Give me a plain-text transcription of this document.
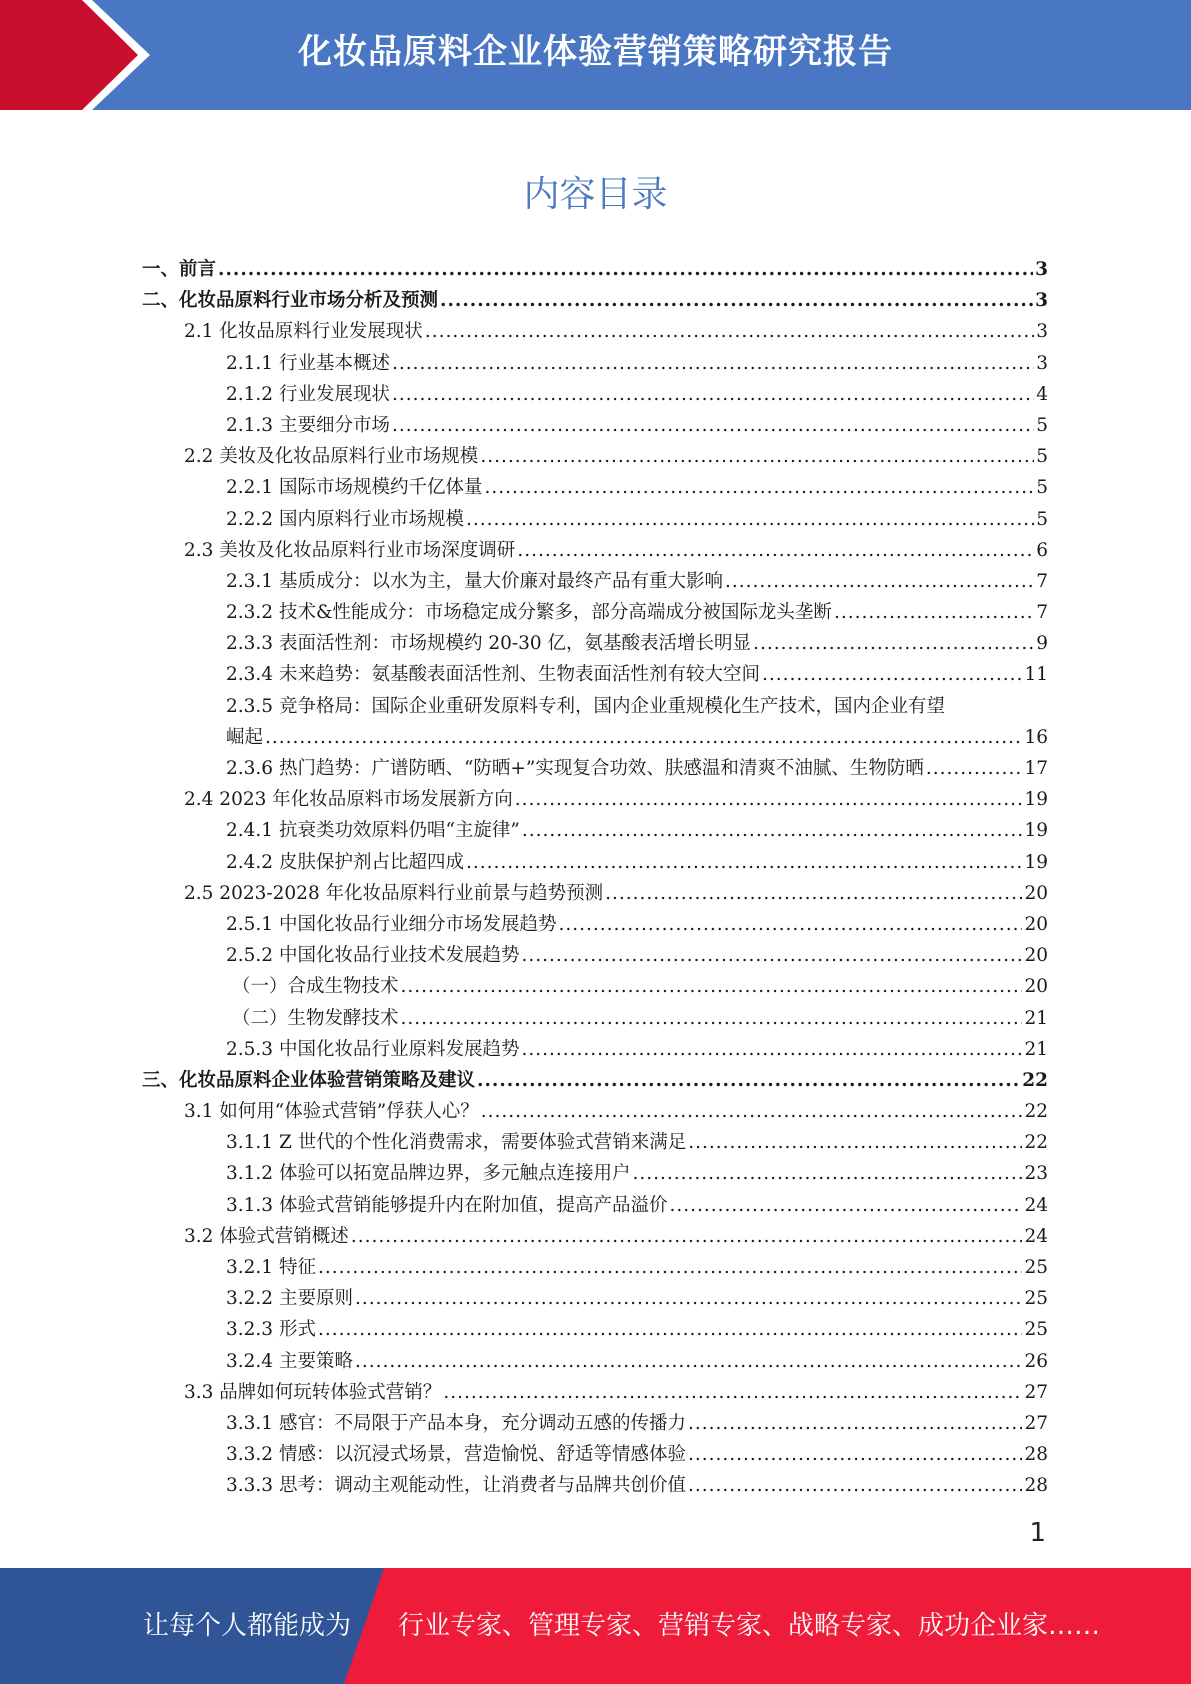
化妆品原料企业体验营销策略研究报告
内容目录
一、前言 .....	3
二、化妆品原料行业市场分析及预测 .....	3
2.1 化妆品原料行业发展现状 .....	3
2.1.1 行业基本概述 .....	3
2.1.2 行业发展现状 .....	4
2.1.3 主要细分市场 .....	5
2.2 美妆及化妆品原料行业市场规模 .....	5
2.2.1 国际市场规模约千亿体量 .....	5
2.2.2 国内原料行业市场规模 .....	5
2.3 美妆及化妆品原料行业市场深度调研 .....	6
2.3.1 基质成分：以水为主，量大价廉对最终产品有重大影响 .....	7
2.3.2 技术&性能成分：市场稳定成分繁多，部分高端成分被国际龙头垄断 .....	7
2.3.3 表面活性剂：市场规模约 20-30 亿，氨基酸表活增长明显 .....	9
2.3.4 未来趋势：氨基酸表面活性剂、生物表面活性剂有较大空间 .....	11
2.3.5 竞争格局：国际企业重研发原料专利，国内企业重规模化生产技术，国内企业有望
崛起 .....	16
2.3.6 热门趋势：广谱防晒、“防晒+”实现复合功效、肤感温和清爽不油腻、生物防晒 .....	17
2.4 2023 年化妆品原料市场发展新方向 .....	19
2.4.1 抗衰类功效原料仍唱“主旋律” .....	19
2.4.2 皮肤保护剂占比超四成 .....	19
2.5 2023-2028 年化妆品原料行业前景与趋势预测 .....	20
2.5.1 中国化妆品行业细分市场发展趋势 .....	20
2.5.2 中国化妆品行业技术发展趋势 .....	20
（一）合成生物技术 .....	20
（二）生物发酵技术 .....	21
2.5.3 中国化妆品行业原料发展趋势 .....	21
三、化妆品原料企业体验营销策略及建议 .....	22
3.1 如何用“体验式营销”俘获人心？ .....	22
3.1.1 Z 世代的个性化消费需求，需要体验式营销来满足 .....	22
3.1.2 体验可以拓宽品牌边界，多元触点连接用户 .....	23
3.1.3 体验式营销能够提升内在附加值，提高产品溢价 .....	24
3.2 体验式营销概述 .....	24
3.2.1 特征 .....	25
3.2.2 主要原则 .....	25
3.2.3 形式 .....	25
3.2.4 主要策略 .....	26
3.3 品牌如何玩转体验式营销？ .....	27
3.3.1 感官：不局限于产品本身，充分调动五感的传播力 .....	27
3.3.2 情感：以沉浸式场景，营造愉悦、舒适等情感体验 .....	28
3.3.3 思考：调动主观能动性，让消费者与品牌共创价值 .....	28
1
让每个人都能成为 行业专家、管理专家、营销专家、战略专家、成功企业家……
